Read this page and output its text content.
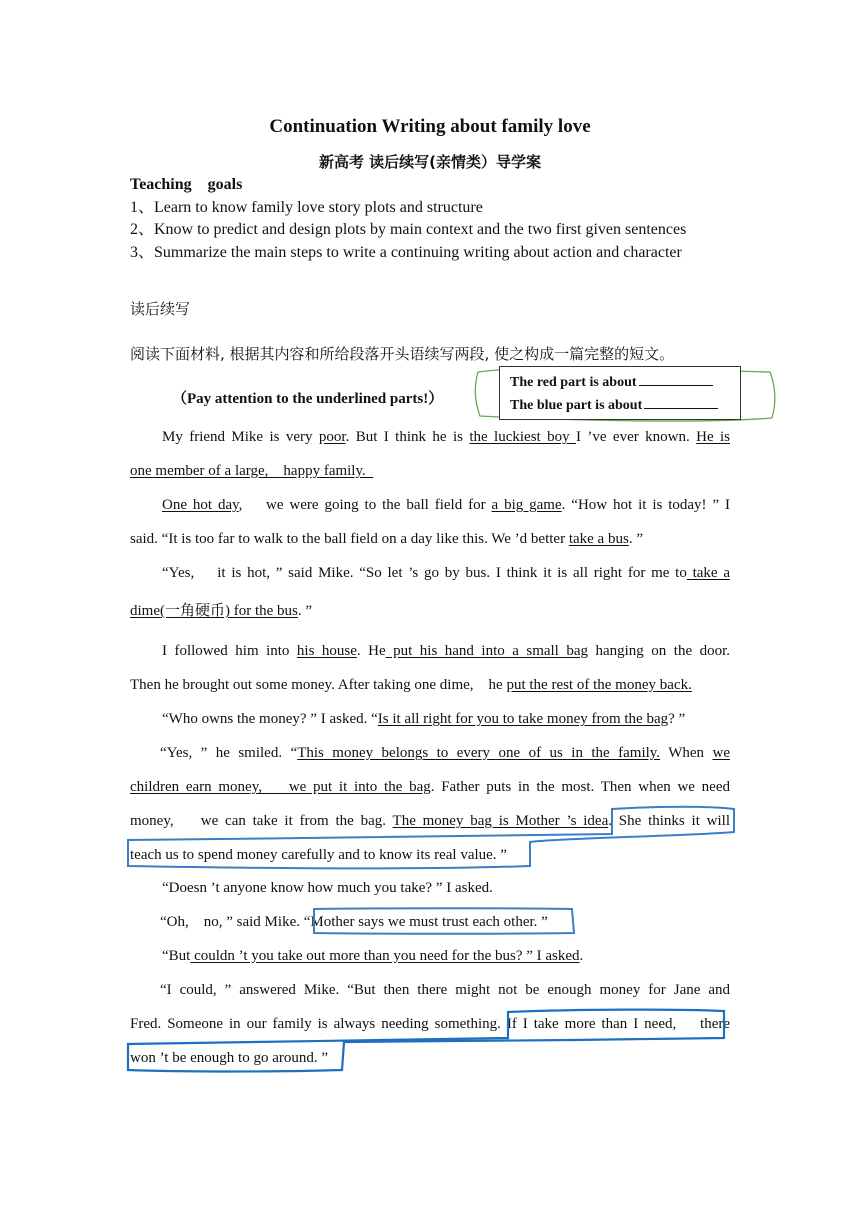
Continuation Writing about family love
新高考 读后续写(亲情类）导学案
Teaching    goals
1、Learn to know family love story plots and structure
2、Know to predict and design plots by main context and the two first given sentences
3、Summarize the main steps to write a continuing writing about action and character
读后续写
阅读下面材料, 根据其内容和所给段落开头语续写两段, 使之构成一篇完整的短文。
（Pay attention to the underlined parts!）
The red part is about
The blue part is about
My friend Mike is very poor. But I think he is the luckiest boy I ’ve ever known. He is
one member of a large,    happy family.
One hot day,    we were going to the ball field for a big game. “How hot it is today! ” I
said. “It is too far to walk to the ball field on a day like this. We ’d better take a bus. ”
“Yes,    it is hot, ” said Mike. “So let ’s go by bus. I think it is all right for me to take a
dime(一角硬币) for the bus. ”
I followed him into his house. He put his hand into a small bag hanging on the door.
Then he brought out some money. After taking one dime,    he put the rest of the money back.
“Who owns the money? ” I asked. “Is it all right for you to take money from the bag? ”
“Yes, ” he smiled. “This money belongs to every one of us in the family. When we
children earn money,    we put it into the bag. Father puts in the most. Then when we need
money,    we can take it from the bag. The money bag is Mother ’s idea. She thinks it will
teach us to spend money carefully and to know its real value. ”
“Doesn ’t anyone know how much you take? ” I asked.
“Oh,    no, ” said Mike. “Mother says we must trust each other. ”
“But couldn ’t you take out more than you need for the bus? ” I asked.
“I could, ” answered Mike. “But then there might not be enough money for Jane and
Fred. Someone in our family is always needing something. If I take more than I need,    there
won ’t be enough to go around. ”
